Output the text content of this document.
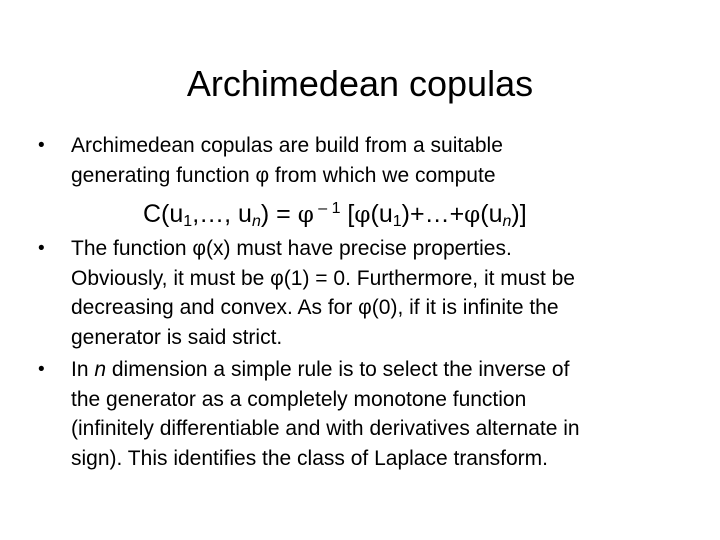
Archimedean copulas
•	Archimedean copulas are build from a suitable
generating function φ from which we compute
$C(u_1,\dots$, $u_n) = \varphi$ $^{- 1}$ $[\varphi(u_1)+\dots+\varphi(u_n)]$
•	The function φ(x) must have precise properties.
Obviously, it must be φ(1) = 0. Furthermore, it must be
decreasing and convex. As for φ(0), if it is infinite the
generator is said strict.
•	In n dimension a simple rule is to select the inverse of
the generator as a completely monotone function
(infinitely differentiable and with derivatives alternate in
sign). This identifies the class of Laplace transform.
